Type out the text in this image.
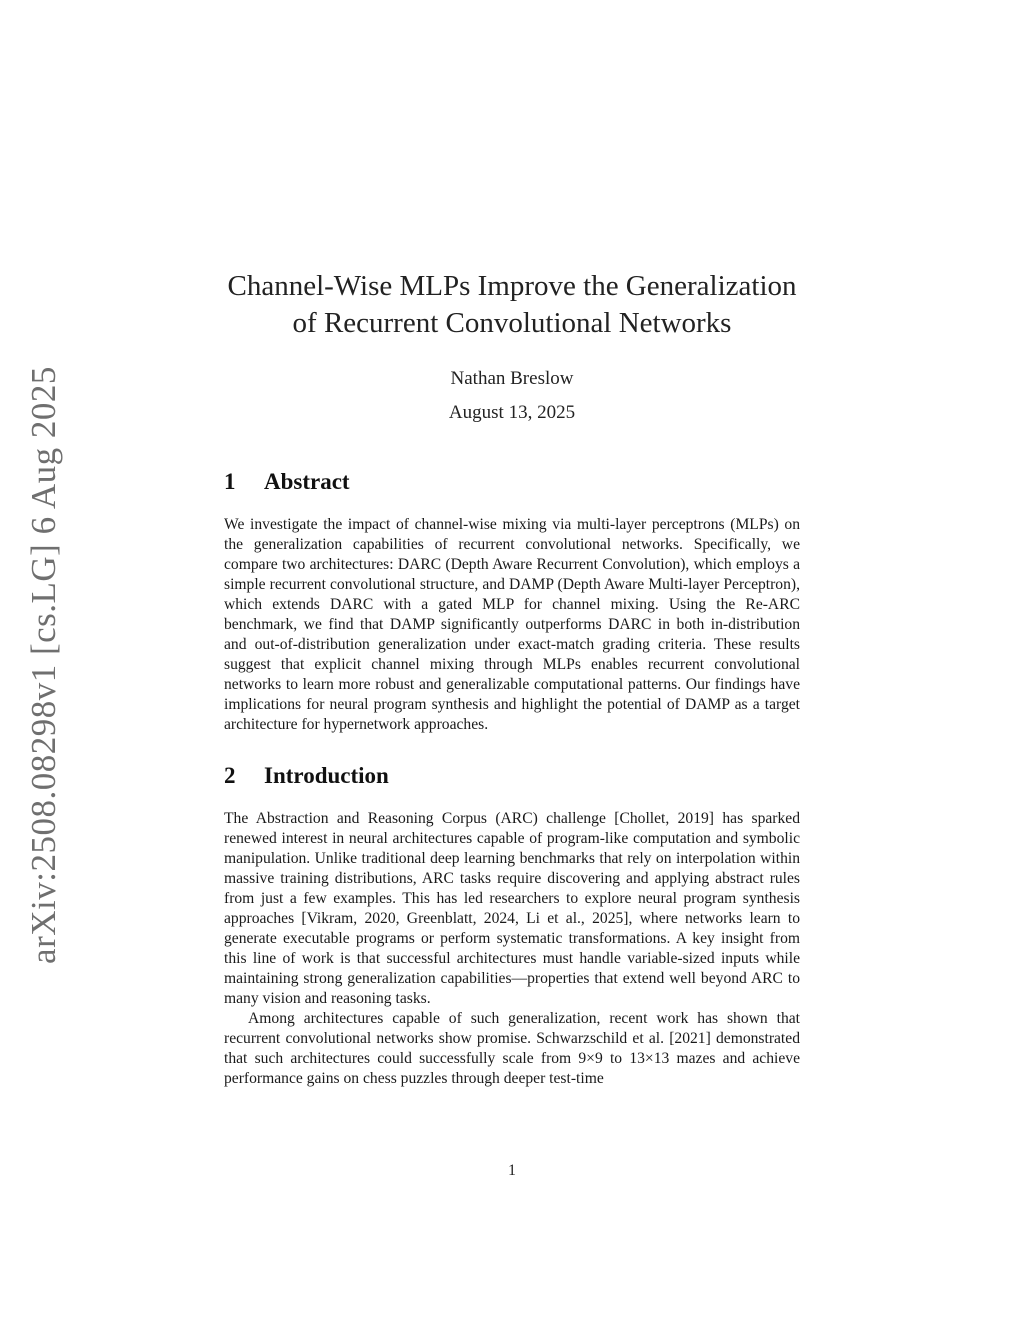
arXiv:2508.08298v1 [cs.LG] 6 Aug 2025
Channel-Wise MLPs Improve the Generalization of Recurrent Convolutional Networks
Nathan Breslow
August 13, 2025
1	Abstract

We investigate the impact of channel-wise mixing via multi-layer perceptrons (MLPs) on the generalization capabilities of recurrent convolutional networks. Specifically, we compare two architectures: DARC (Depth Aware Recurrent Convolution), which employs a simple recurrent convolutional structure, and DAMP (Depth Aware Multi-layer Perceptron), which extends DARC with a gated MLP for channel mixing. Using the Re-ARC benchmark, we find that DAMP significantly outperforms DARC in both in-distribution and out-of-distribution generalization under exact-match grading criteria. These results suggest that explicit channel mixing through MLPs enables recurrent convolutional networks to learn more robust and generalizable computational patterns. Our findings have implications for neural program synthesis and highlight the potential of DAMP as a target architecture for hypernetwork approaches.

2	Introduction

The Abstraction and Reasoning Corpus (ARC) challenge [Chollet, 2019] has sparked renewed interest in neural architectures capable of program-like computation and symbolic manipulation. Unlike traditional deep learning benchmarks that rely on interpolation within massive training distributions, ARC tasks require discovering and applying abstract rules from just a few examples. This has led researchers to explore neural program synthesis approaches [Vikram, 2020, Greenblatt, 2024, Li et al., 2025], where networks learn to generate executable programs or perform systematic transformations. A key insight from this line of work is that successful architectures must handle variable-sized inputs while maintaining strong generalization capabilities—properties that extend well beyond ARC to many vision and reasoning tasks.

Among architectures capable of such generalization, recent work has shown that recurrent convolutional networks show promise. Schwarzschild et al. [2021] demonstrated that such architectures could successfully scale from 9×9 to 13×13 mazes and achieve performance gains on chess puzzles through deeper test-time

1
